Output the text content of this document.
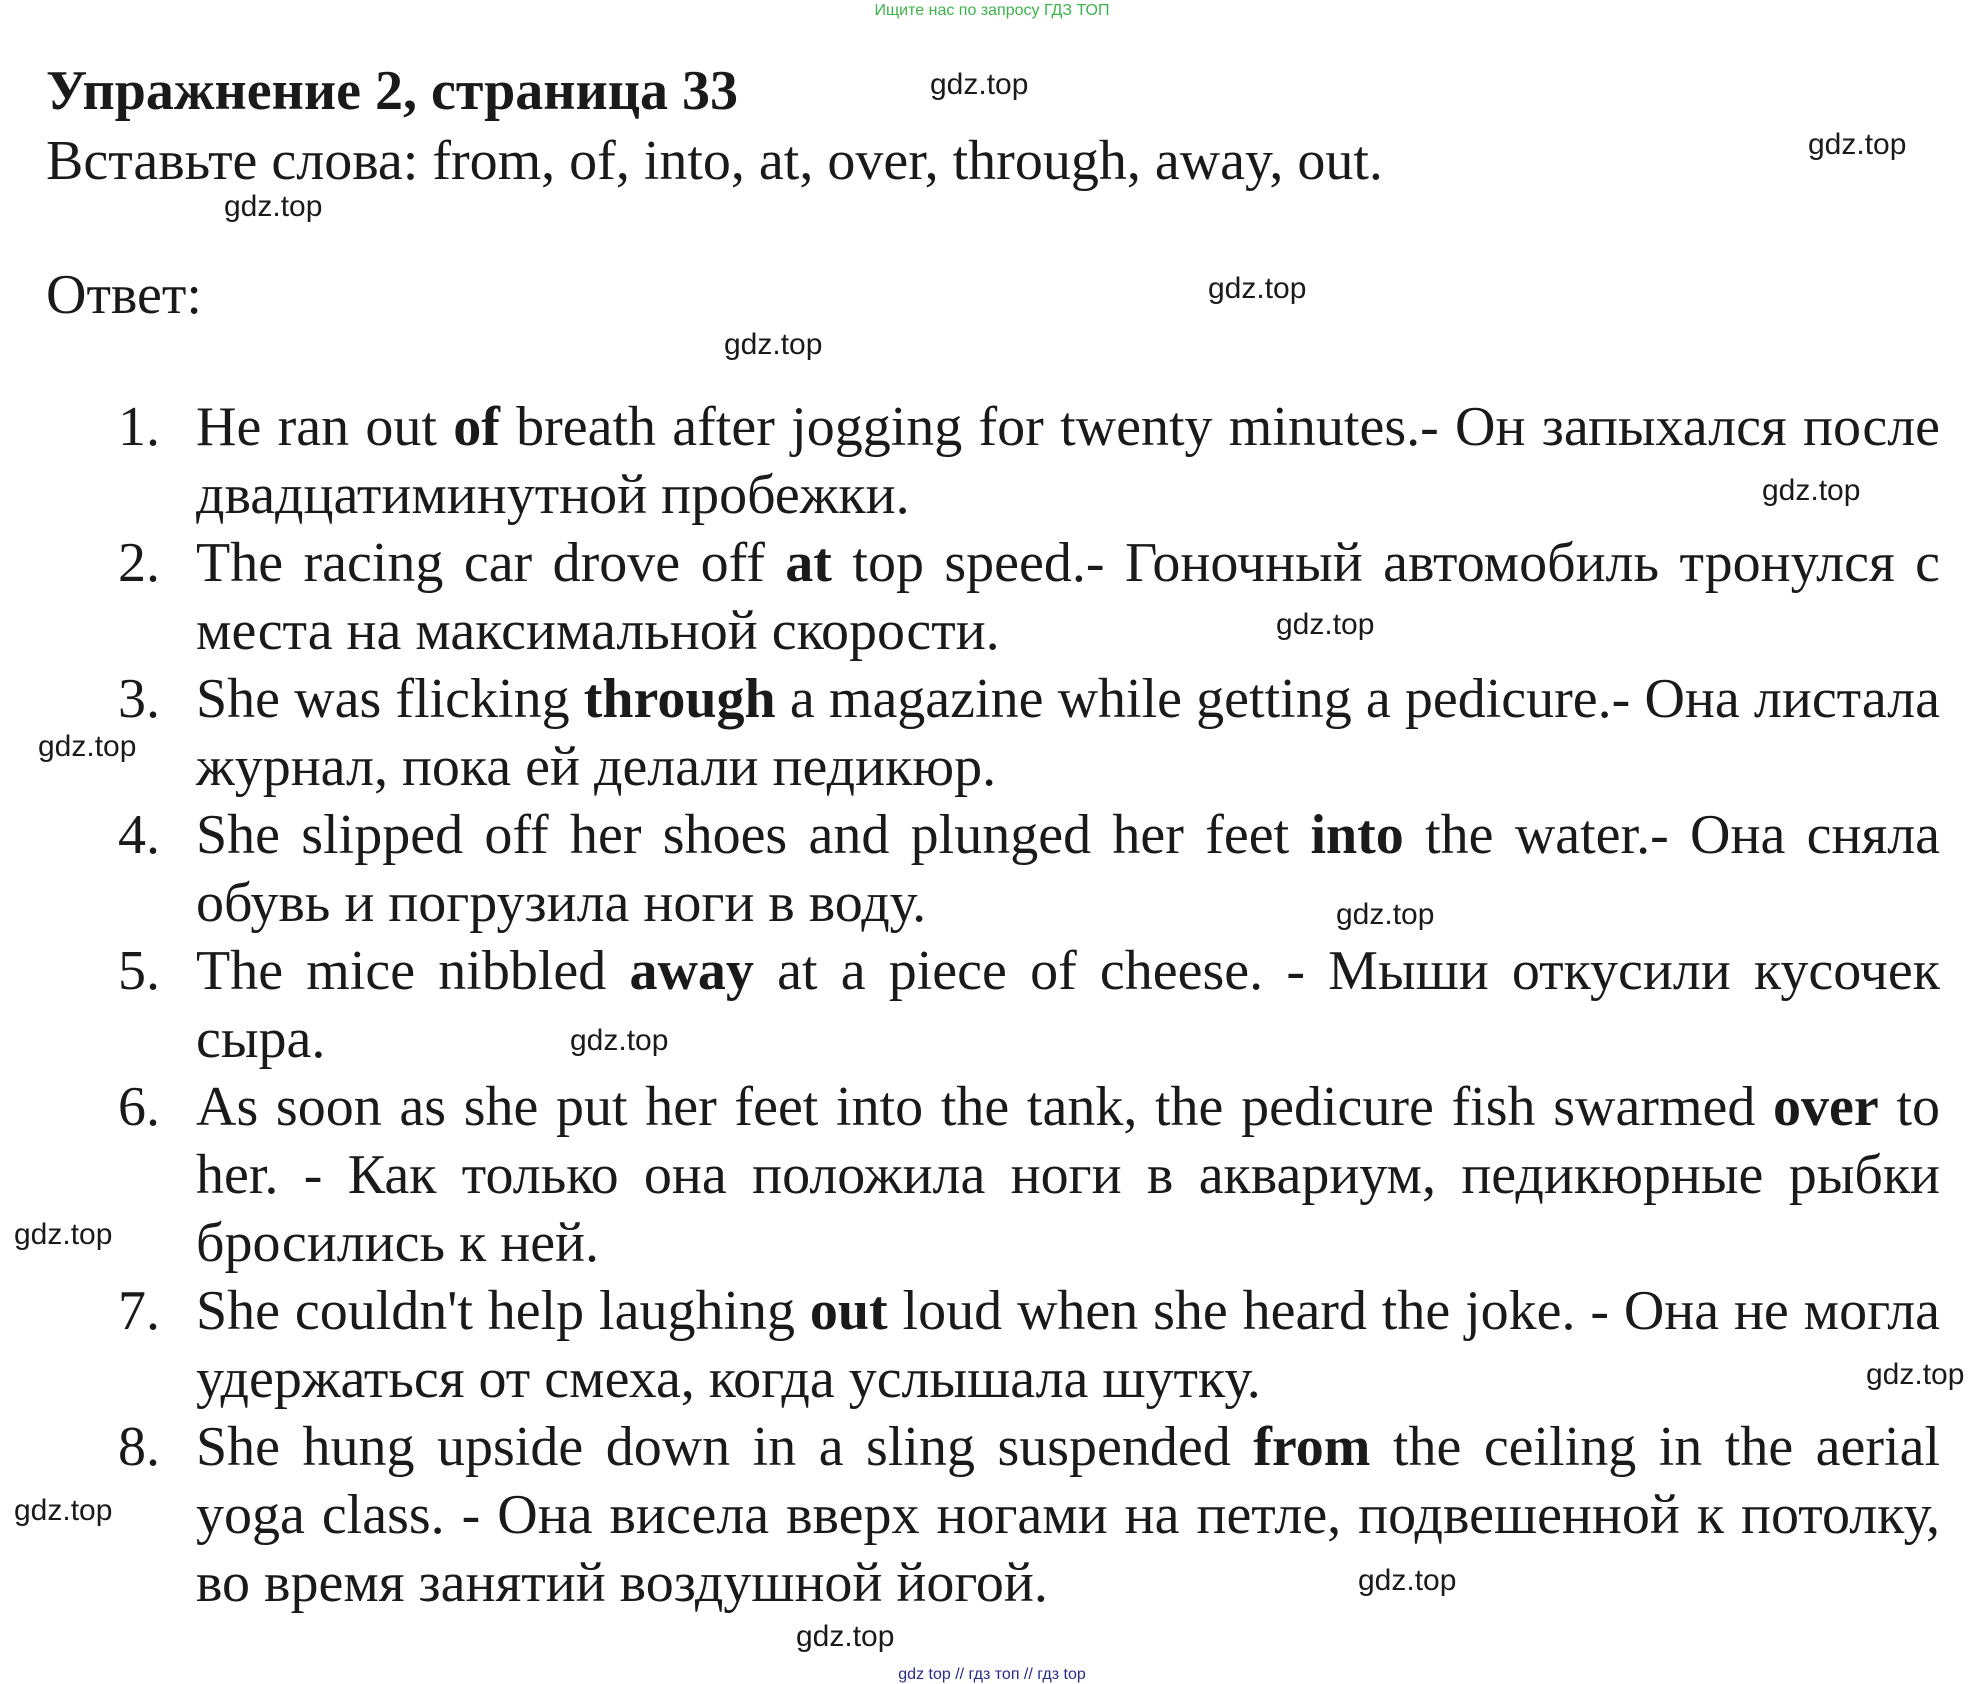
Ищите нас по запросу ГДЗ ТОП
Упражнение 2, страница 33
Вставьте слова: from, of, into, at, over, through, away, out.
Ответ:
1. He ran out of breath after jogging for twenty minutes.- Он запыхался после двадцатиминутной пробежки.
2. The racing car drove off at top speed.- Гоночный автомобиль тронулся с места на максимальной скорости.
3. She was flicking through a magazine while getting a pedicure.- Она листала журнал, пока ей делали педикюр.
4. She slipped off her shoes and plunged her feet into the water.- Она сняла обувь и погрузила ноги в воду.
5. The mice nibbled away at a piece of cheese. - Мыши откусили кусочек сыра.
6. As soon as she put her feet into the tank, the pedicure fish swarmed over to her. - Как только она положила ноги в аквариум, педикюрные рыбки бросились к ней.
7. She couldn't help laughing out loud when she heard the joke. - Она не могла удержаться от смеха, когда услышала шутку.
8. She hung upside down in a sling suspended from the ceiling in the aerial yoga class. - Она висела вверх ногами на петле, подвешенной к потолку, во время занятий воздушной йогой.
gdz.top
gdz.top
gdz.top
gdz.top
gdz.top
gdz.top
gdz.top
gdz.top
gdz.top
gdz.top
gdz.top
gdz.top
gdz.top
gdz.top
gdz.top
gdz top // гдз топ // гдз top
